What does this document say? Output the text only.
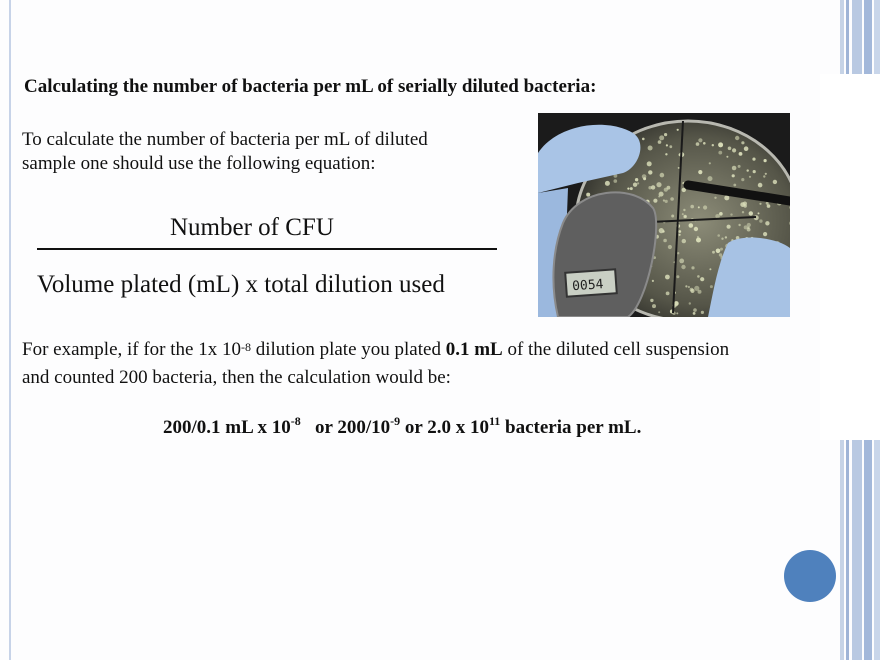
Calculating the number of bacteria per mL of serially diluted bacteria:
To calculate the number of bacteria per mL of diluted
sample one should use the following equation:
Number of CFU
Volume plated (mL) x total dilution used	0054
For example, if for the 1x $10^{-8}$ dilution plate you plated 0.1 mL of the diluted cell suspension
and counted 200 bacteria, then the calculation would be:
200/0.1 mL x $10^{-8}$   or $200/10^{-9}$ or 2.0 x $10^{11}$ bacteria per mL.
